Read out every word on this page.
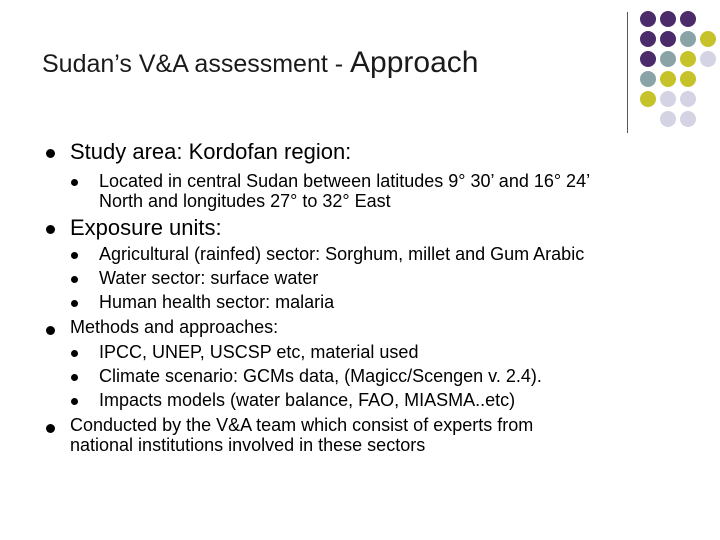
Sudan’s V&A assessment - Approach
Study area: Kordofan region:
Located in central Sudan between latitudes 9° 30’ and 16° 24’
North and longitudes 27° to 32° East
Exposure units:
Agricultural (rainfed) sector: Sorghum, millet and Gum Arabic
Water sector: surface water
Human health sector: malaria
Methods and approaches:
IPCC, UNEP, USCSP etc, material used
Climate scenario: GCMs data, (Magicc/Scengen v. 2.4).
Impacts models (water balance, FAO, MIASMA..etc)
Conducted by the V&A team which consist of experts from
national institutions involved in these sectors
